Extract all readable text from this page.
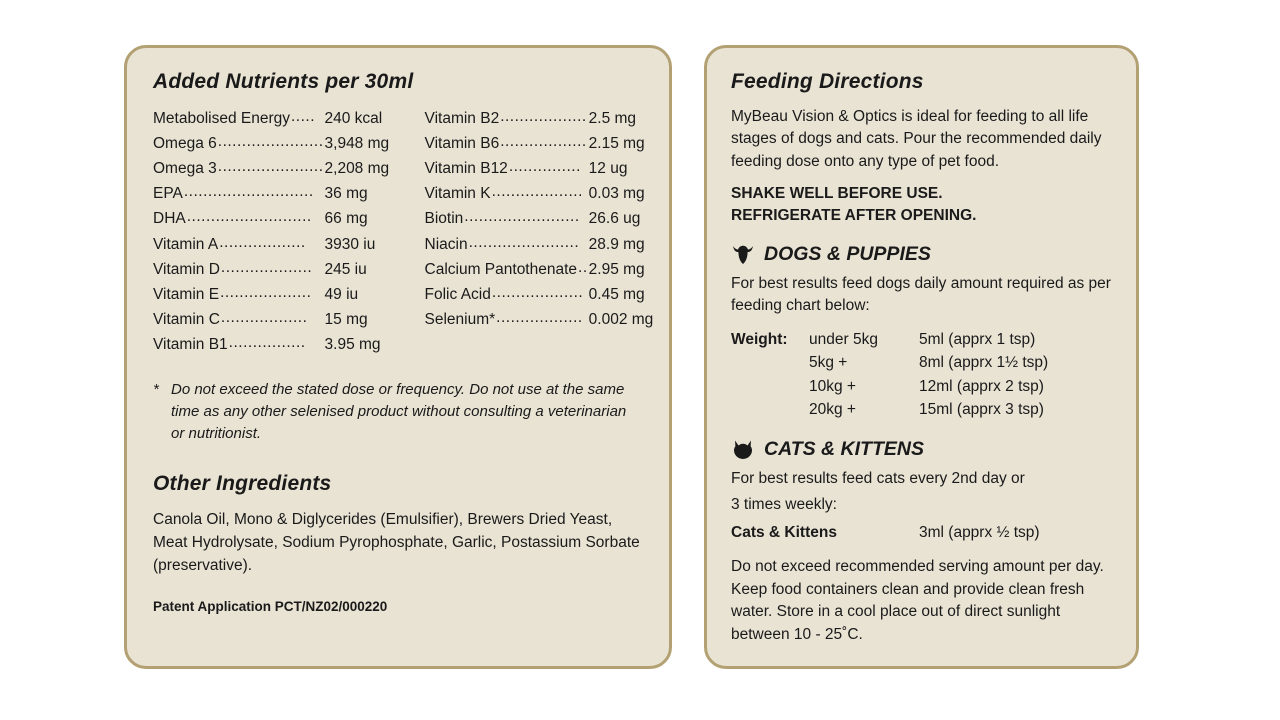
Added Nutrients per 30ml
Metabolised Energy ..... 240 kcal
Omega 6 ...................... 3,948 mg
Omega 3 ...................... 2,208 mg
EPA ........................... 36 mg
DHA .......................... 66 mg
Vitamin A ..................	3930 iu
Vitamin D ................... 245 iu
Vitamin E ................... 49 iu
Vitamin C ..................	15 mg
Vitamin B1 ................	3.95 mg
Vitamin B2 .................. 2.5 mg
Vitamin B6 .................. 2.15 mg
Vitamin B12 ............... 12 ug
Vitamin K ................... 0.03 mg
Biotin ........................ 26.6 ug
Niacin ....................... 28.9 mg
Calcium Pantothenate .. 2.95 mg
Folic Acid ................... 0.45 mg
Selenium* .................. 0.002 mg
* Do not exceed the stated dose or frequency. Do not use at the same time as any other selenised product without consulting a veterinarian or nutritionist.
Other Ingredients
Canola Oil, Mono & Diglycerides (Emulsifier), Brewers Dried Yeast, Meat Hydrolysate, Sodium Pyrophosphate, Garlic, Postassium Sorbate (preservative).
Patent Application PCT/NZ02/000220
Feeding Directions

MyBeau Vision & Optics is ideal for feeding to all life stages of dogs and cats. Pour the recommended daily feeding dose onto any type of pet food.

SHAKE WELL BEFORE USE.
REFRIGERATE AFTER OPENING.
DOGS & PUPPIES

For best results feed dogs daily amount required as per feeding chart below:

Weight:	under 5kg	5ml (apprx 1 tsp)
5kg +	8ml (apprx 1½ tsp)
10kg +	12ml (apprx 2 tsp)
20kg +	15ml (apprx 3 tsp)
CATS & KITTENS
For best results feed cats every 2nd day or
3 times weekly:
Cats & Kittens	3ml (apprx ½ tsp)
Do not exceed recommended serving amount per day. Keep food containers clean and provide clean fresh water. Store in a cool place out of direct sunlight between 10 - 25˚C.
